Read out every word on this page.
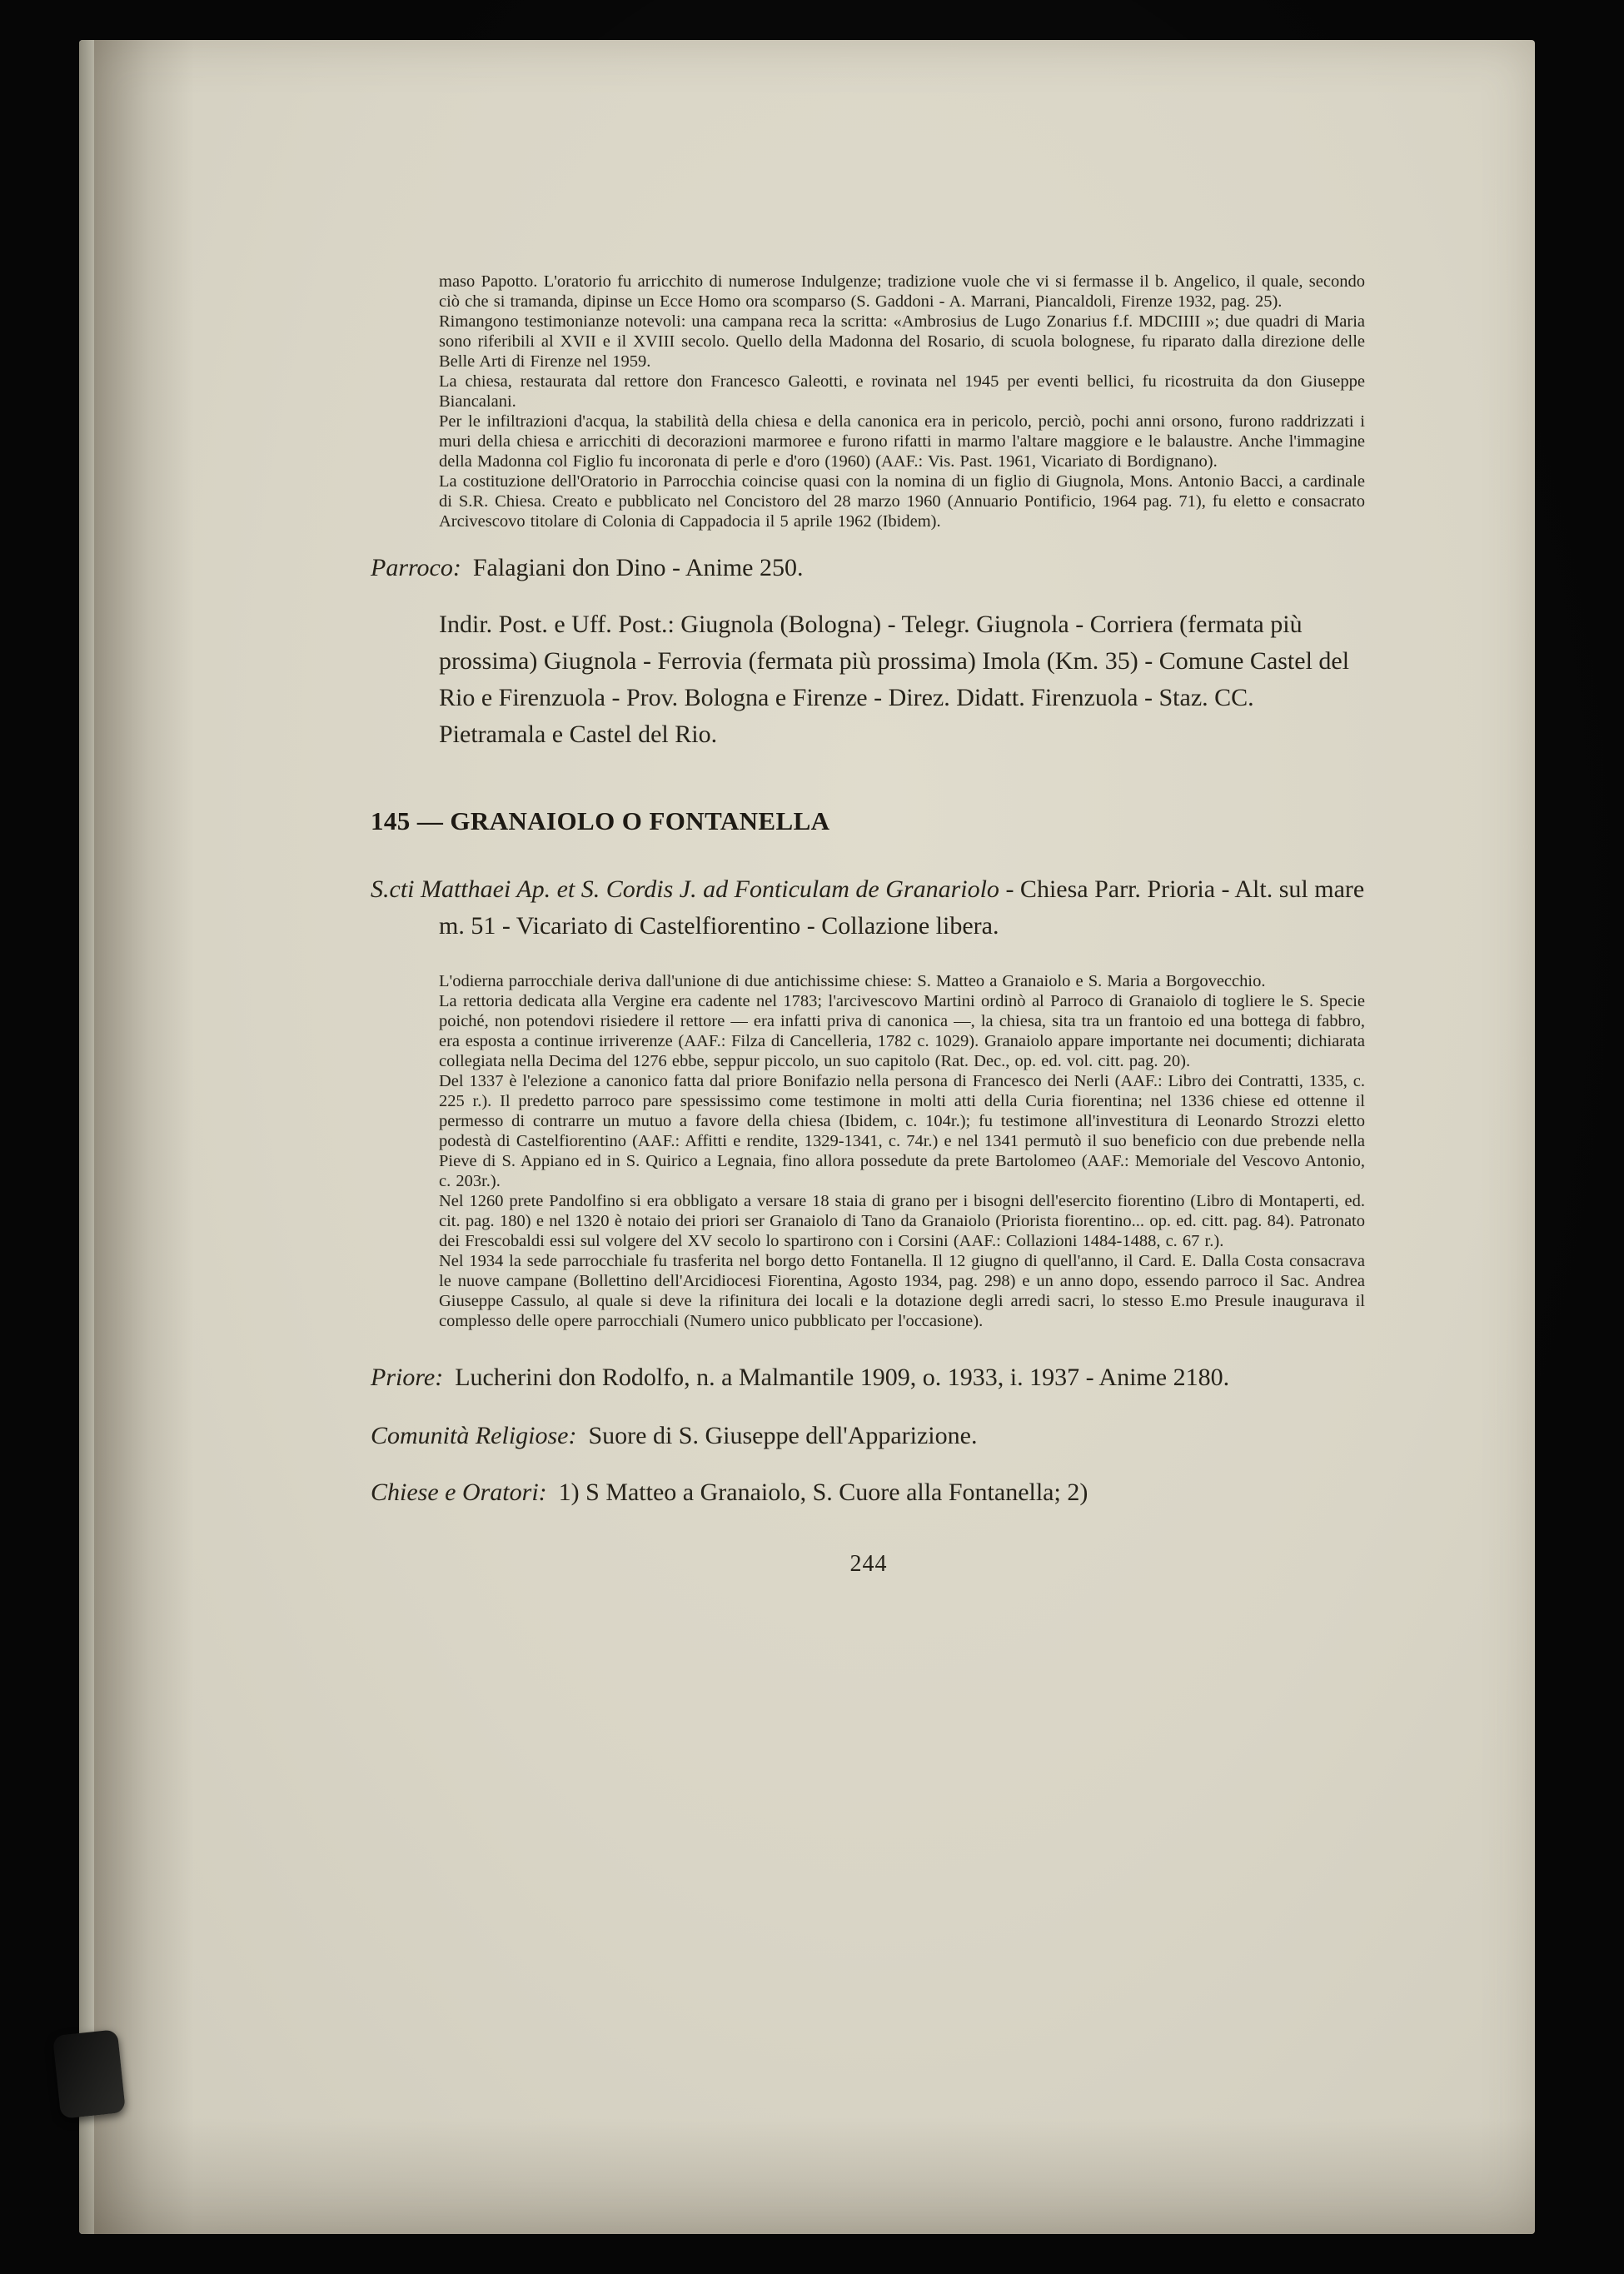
maso Papotto. L'oratorio fu arricchito di numerose Indulgenze; tradizione vuole che vi si fermasse il b. Angelico, il quale, secondo ciò che si tramanda, dipinse un Ecce Homo ora scomparso (S. Gaddoni - A. Marrani, Piancaldoli, Firenze 1932, pag. 25).

Rimangono testimonianze notevoli: una campana reca la scritta: «Ambrosius de Lugo Zonarius f.f. MDCIIII »; due quadri di Maria sono riferibili al XVII e il XVIII secolo. Quello della Madonna del Rosario, di scuola bolognese, fu riparato dalla direzione delle Belle Arti di Firenze nel 1959.

La chiesa, restaurata dal rettore don Francesco Galeotti, e rovinata nel 1945 per eventi bellici, fu ricostruita da don Giuseppe Biancalani.

Per le infiltrazioni d'acqua, la stabilità della chiesa e della canonica era in pericolo, perciò, pochi anni orsono, furono raddrizzati i muri della chiesa e arricchiti di decorazioni marmoree e furono rifatti in marmo l'altare maggiore e le balaustre. Anche l'immagine della Madonna col Figlio fu incoronata di perle e d'oro (1960) (AAF.: Vis. Past. 1961, Vicariato di Bordignano).

La costituzione dell'Oratorio in Parrocchia coincise quasi con la nomina di un figlio di Giugnola, Mons. Antonio Bacci, a cardinale di S.R. Chiesa. Creato e pubblicato nel Concistoro del 28 marzo 1960 (Annuario Pontificio, 1964 pag. 71), fu eletto e consacrato Arcivescovo titolare di Colonia di Cappadocia il 5 aprile 1962 (Ibidem).

Parroco: Falagiani don Dino - Anime 250.

Indir. Post. e Uff. Post.: Giugnola (Bologna) - Telegr. Giugnola - Corriera (fermata più prossima) Giugnola - Ferrovia (fermata più prossima) Imola (Km. 35) - Comune Castel del Rio e Firenzuola - Prov. Bologna e Firenze - Direz. Didatt. Firenzuola - Staz. CC. Pietramala e Castel del Rio.

145 — GRANAIOLO O FONTANELLA

S.cti Matthaei Ap. et S. Cordis J. ad Fonticulam de Granariolo - Chiesa Parr. Prioria - Alt. sul mare m. 51 - Vicariato di Castelfiorentino - Collazione libera.

L'odierna parrocchiale deriva dall'unione di due antichissime chiese: S. Matteo a Granaiolo e S. Maria a Borgovecchio.

La rettoria dedicata alla Vergine era cadente nel 1783; l'arcivescovo Martini ordinò al Parroco di Granaiolo di togliere le S. Specie poiché, non potendovi risiedere il rettore — era infatti priva di canonica —, la chiesa, sita tra un frantoio ed una bottega di fabbro, era esposta a continue irriverenze (AAF.: Filza di Cancelleria, 1782 c. 1029). Granaiolo appare importante nei documenti; dichiarata collegiata nella Decima del 1276 ebbe, seppur piccolo, un suo capitolo (Rat. Dec., op. ed. vol. citt. pag. 20).

Del 1337 è l'elezione a canonico fatta dal priore Bonifazio nella persona di Francesco dei Nerli (AAF.: Libro dei Contratti, 1335, c. 225 r.). Il predetto parroco pare spessissimo come testimone in molti atti della Curia fiorentina; nel 1336 chiese ed ottenne il permesso di contrarre un mutuo a favore della chiesa (Ibidem, c. 104r.); fu testimone all'investitura di Leonardo Strozzi eletto podestà di Castelfiorentino (AAF.: Affitti e rendite, 1329-1341, c. 74r.) e nel 1341 permutò il suo beneficio con due prebende nella Pieve di S. Appiano ed in S. Quirico a Legnaia, fino allora possedute da prete Bartolomeo (AAF.: Memoriale del Vescovo Antonio, c. 203r.).

Nel 1260 prete Pandolfino si era obbligato a versare 18 staia di grano per i bisogni dell'esercito fiorentino (Libro di Montaperti, ed. cit. pag. 180) e nel 1320 è notaio dei priori ser Granaiolo di Tano da Granaiolo (Priorista fiorentino... op. ed. citt. pag. 84). Patronato dei Frescobaldi essi sul volgere del XV secolo lo spartirono con i Corsini (AAF.: Collazioni 1484-1488, c. 67 r.).

Nel 1934 la sede parrocchiale fu trasferita nel borgo detto Fontanella. Il 12 giugno di quell'anno, il Card. E. Dalla Costa consacrava le nuove campane (Bollettino dell'Arcidiocesi Fiorentina, Agosto 1934, pag. 298) e un anno dopo, essendo parroco il Sac. Andrea Giuseppe Cassulo, al quale si deve la rifinitura dei locali e la dotazione degli arredi sacri, lo stesso E.mo Presule inaugurava il complesso delle opere parrocchiali (Numero unico pubblicato per l'occasione).

Priore: Lucherini don Rodolfo, n. a Malmantile 1909, o. 1933, i. 1937 - Anime 2180.

Comunità Religiose: Suore di S. Giuseppe dell'Apparizione.

Chiese e Oratori: 1) S Matteo a Granaiolo, S. Cuore alla Fontanella; 2)

244
